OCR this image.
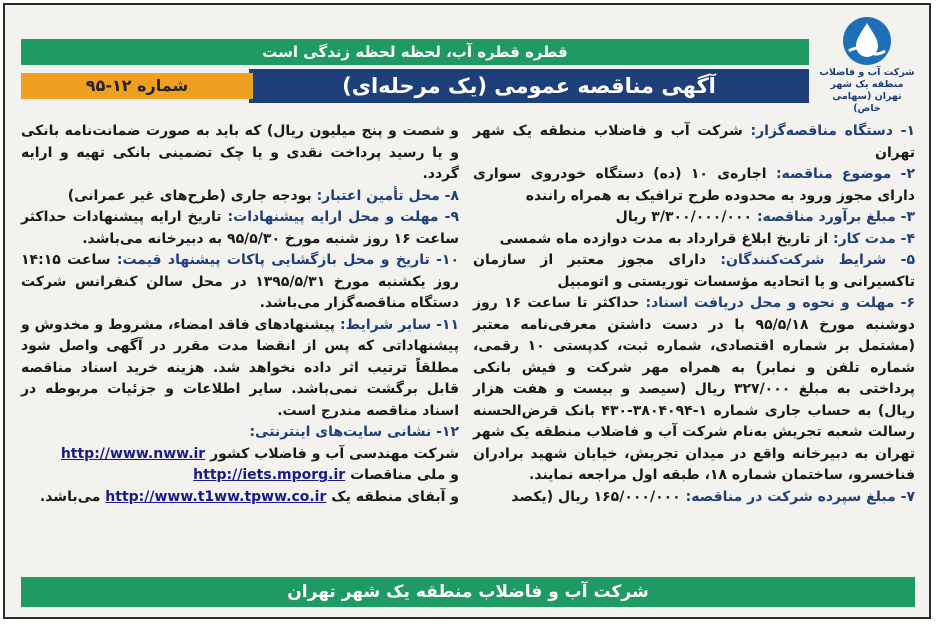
شرکت آب و فاضلاب منطقه یک شهر تهران (سهامی خاص)
قطره قطره آب، لحظه لحظه زندگی است
آگهی مناقصه عمومی (یک مرحله‌ای)
شماره ۱۲-۹۵

۱- دستگاه مناقصه‌گزار: شرکت آب و فاضلاب منطقه یک شهر تهران

۲- موضوع مناقصه: اجاره‌ی ۱۰ (ده) دستگاه خودروی سواری دارای مجوز ورود به محدوده طرح ترافیک به همراه راننده

۳- مبلغ برآورد مناقصه: ۳/۳۰۰/۰۰۰/۰۰۰ ریال

۴- مدت کار: از تاریخ ابلاغ قرارداد به مدت دوازده ماه شمسی

۵- شرایط شرکت‌کنندگان: دارای مجوز معتبر از سازمان تاکسیرانی و یا اتحادیه مؤسسات توریستی و اتومبیل

۶- مهلت و نحوه و محل دریافت اسناد: حداکثر تا ساعت ۱۶ روز دوشنبه مورخ ۹۵/۵/۱۸ با در دست داشتن معرفی‌نامه معتبر (مشتمل بر شماره اقتصادی، شماره ثبت، کدپستی ۱۰ رقمی، شماره تلفن و نمابر) به همراه مهر شرکت و فیش بانکی پرداختی به مبلغ ۳۲۷/۰۰۰ ریال (سیصد و بیست و هفت هزار ریال) به حساب جاری شماره ۱-۳۸۰۴۰۹۴-۴۳۰ بانک قرض‌الحسنه رسالت شعبه تجریش به‌نام شرکت آب و فاضلاب منطقه یک شهر تهران به دبیرخانه واقع در میدان تجریش، خیابان شهید برادران فناخسرو، ساختمان شماره ۱۸، طبقه اول مراجعه نمایند.

۷- مبلغ سپرده شرکت در مناقصه: ۱۶۵/۰۰۰/۰۰۰ ریال (یکصد

و شصت و پنج میلیون ریال) که باید به صورت ضمانت‌نامه بانکی و یا رسید پرداخت نقدی و یا چک تضمینی بانکی تهیه و ارایه گردد.

۸- محل تأمین اعتبار: بودجه جاری (طرح‌های غیر عمرانی)

۹- مهلت و محل ارایه پیشنهادات: تاریخ ارایه پیشنهادات حداکثر ساعت ۱۶ روز شنبه مورخ ۹۵/۵/۳۰ به دبیرخانه می‌باشد.

۱۰- تاریخ و محل بازگشایی پاکات پیشنهاد قیمت: ساعت ۱۴:۱۵ روز یکشنبه مورخ ۱۳۹۵/۵/۳۱ در محل سالن کنفرانس شرکت دستگاه مناقصه‌گزار می‌باشد.

۱۱- سایر شرایط: پیشنهادهای فاقد امضاء، مشروط و مخدوش و پیشنهاداتی که پس از انقضا مدت مقرر در آگهی واصل شود مطلقاً ترتیب اثر داده نخواهد شد. هزینه خرید اسناد مناقصه قابل برگشت نمی‌باشد. سایر اطلاعات و جزئیات مربوطه در اسناد مناقصه مندرج است.

۱۲- نشانی سایت‌های اینترنتی:

شرکت مهندسی آب و فاضلاب کشور http://www.nww.ir

و ملی مناقصات http://iets.mporg.ir

و آبفای منطقه یک http://www.t1ww.tpww.co.ir می‌باشد.

شرکت آب و فاضلاب منطقه یک شهر تهران
